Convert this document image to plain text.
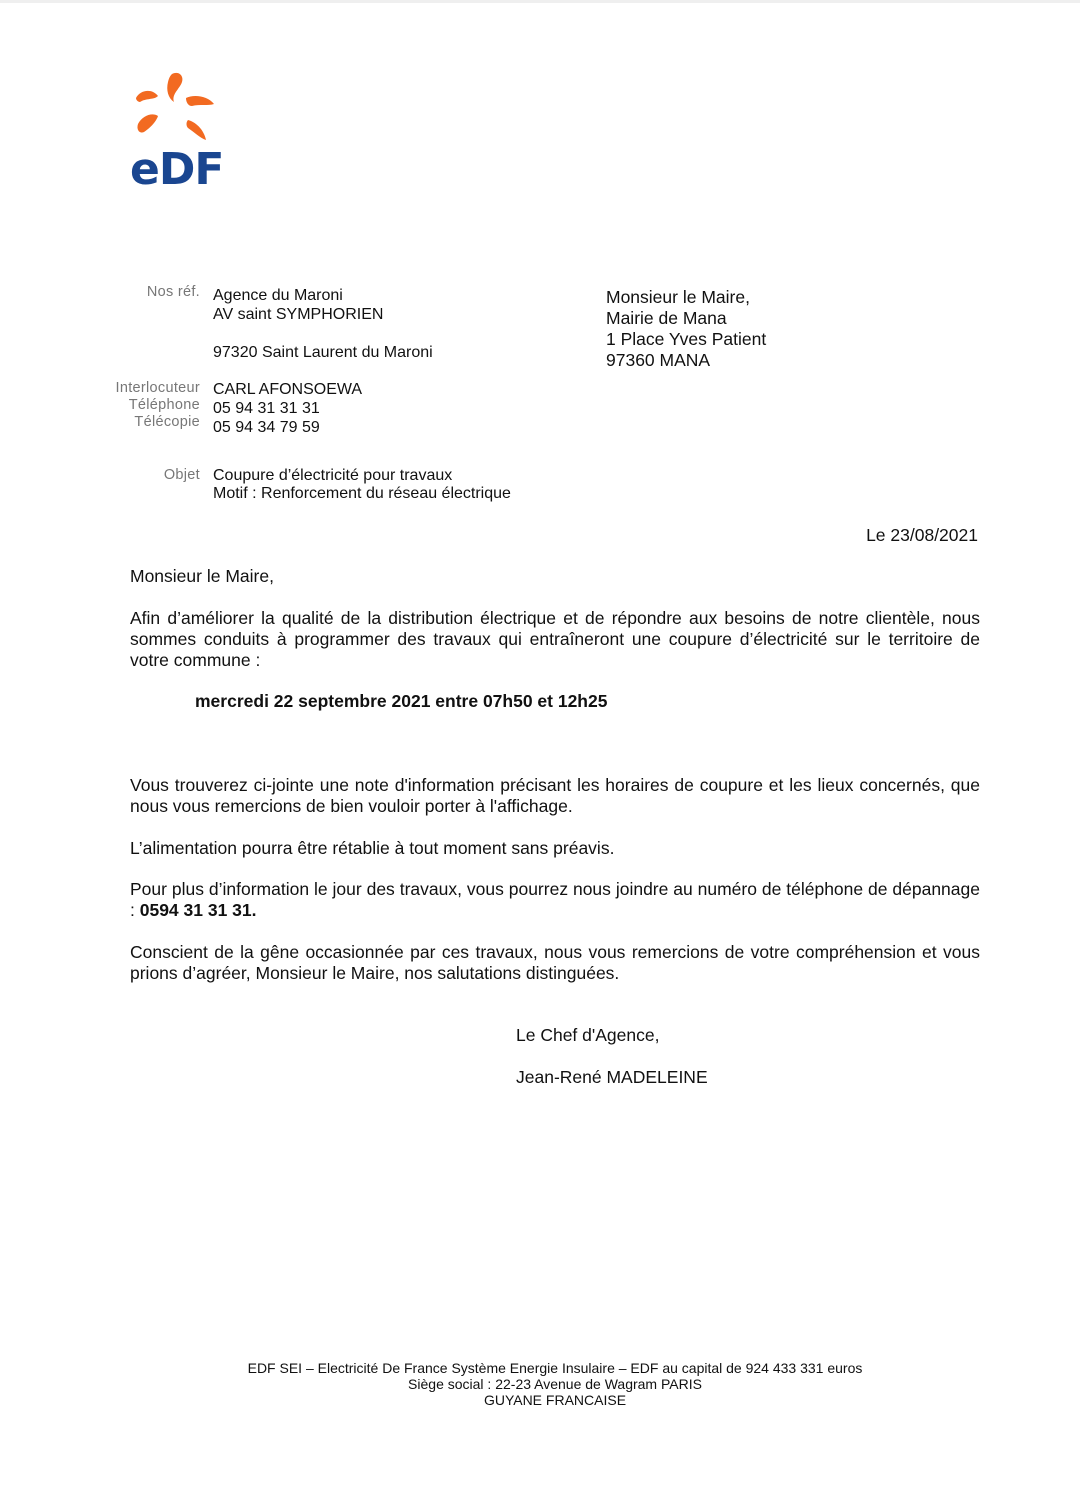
eDF
Nos réf. Agence du Maroni
AV saint SYMPHORIEN
97320 Saint Laurent du Maroni
Interlocuteur CARL AFONSOEWA
Téléphone 05 94 31 31 31
Télécopie 05 94 34 79 59
Objet Coupure d’électricité pour travaux
Motif : Renforcement du réseau électrique
Monsieur le Maire,
Mairie de Mana
1 Place Yves Patient
97360 MANA
Le 23/08/2021
Monsieur le Maire,
Afin d’améliorer la qualité de la distribution électrique et de répondre aux besoins de notre clientèle, nous sommes conduits à programmer des travaux qui entraîneront une coupure d’électricité sur le territoire de votre commune :
mercredi 22 septembre 2021 entre 07h50 et 12h25
Vous trouverez ci-jointe une note d'information précisant les horaires de coupure et les lieux concernés, que nous vous remercions de bien vouloir porter à l'affichage.
L’alimentation pourra être rétablie à tout moment sans préavis.
Pour plus d’information le jour des travaux, vous pourrez nous joindre au numéro de téléphone de dépannage : 0594 31 31 31.
Conscient de la gêne occasionnée par ces travaux, nous vous remercions de votre compréhension et vous prions d’agréer, Monsieur le Maire, nos salutations distinguées.
Le Chef d'Agence,
Jean-René MADELEINE
EDF SEI – Electricité De France Système Energie Insulaire – EDF au capital de 924 433 331 euros
Siège social : 22-23 Avenue de Wagram PARIS
GUYANE FRANCAISE
